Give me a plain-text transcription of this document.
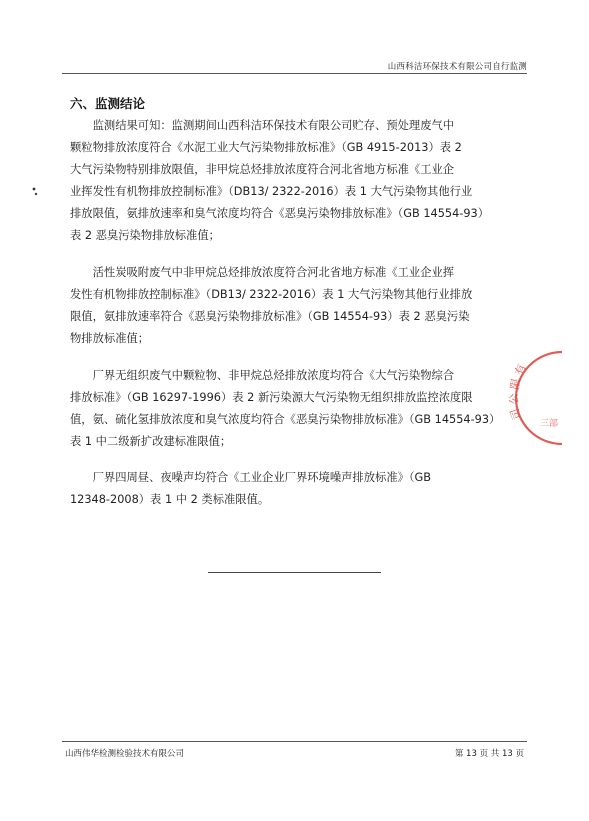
山西科洁环保技术有限公司自行监测
六、监测结论
　　监测结果可知：监测期间山西科洁环保技术有限公司贮存、预处理废气中
颗粒物排放浓度符合《水泥工业大气污染物排放标准》（GB 4915-2013）表 2
大气污染物特别排放限值，非甲烷总烃排放浓度符合河北省地方标准《工业企
业挥发性有机物排放控制标准》（DB13/ 2322-2016）表 1 大气污染物其他行业
排放限值，氨排放速率和臭气浓度均符合《恶臭污染物排放标准》（GB 14554-93）
表 2 恶臭污染物排放标准值；
　　活性炭吸附废气中非甲烷总烃排放浓度符合河北省地方标准《工业企业挥
发性有机物排放控制标准》（DB13/ 2322-2016）表 1 大气污染物其他行业排放
限值，氨排放速率符合《恶臭污染物排放标准》（GB 14554-93）表 2 恶臭污染
物排放标准值；
　　厂界无组织废气中颗粒物、非甲烷总烃排放浓度均符合《大气污染物综合
排放标准》（GB 16297-1996）表 2 新污染源大气污染物无组织排放监控浓度限
值，氨、硫化氢排放浓度和臭气浓度均符合《恶臭污染物排放标准》（GB 14554-93）
表 1 中二级新扩改建标准限值；
　　厂界四周昼、夜噪声均符合《工业企业厂界环境噪声排放标准》（GB
12348-2008）表 1 中 2 类标准限值。
有
限
公
司
三部
山西伟华检测检验技术有限公司	第 13 页 共 13 页
